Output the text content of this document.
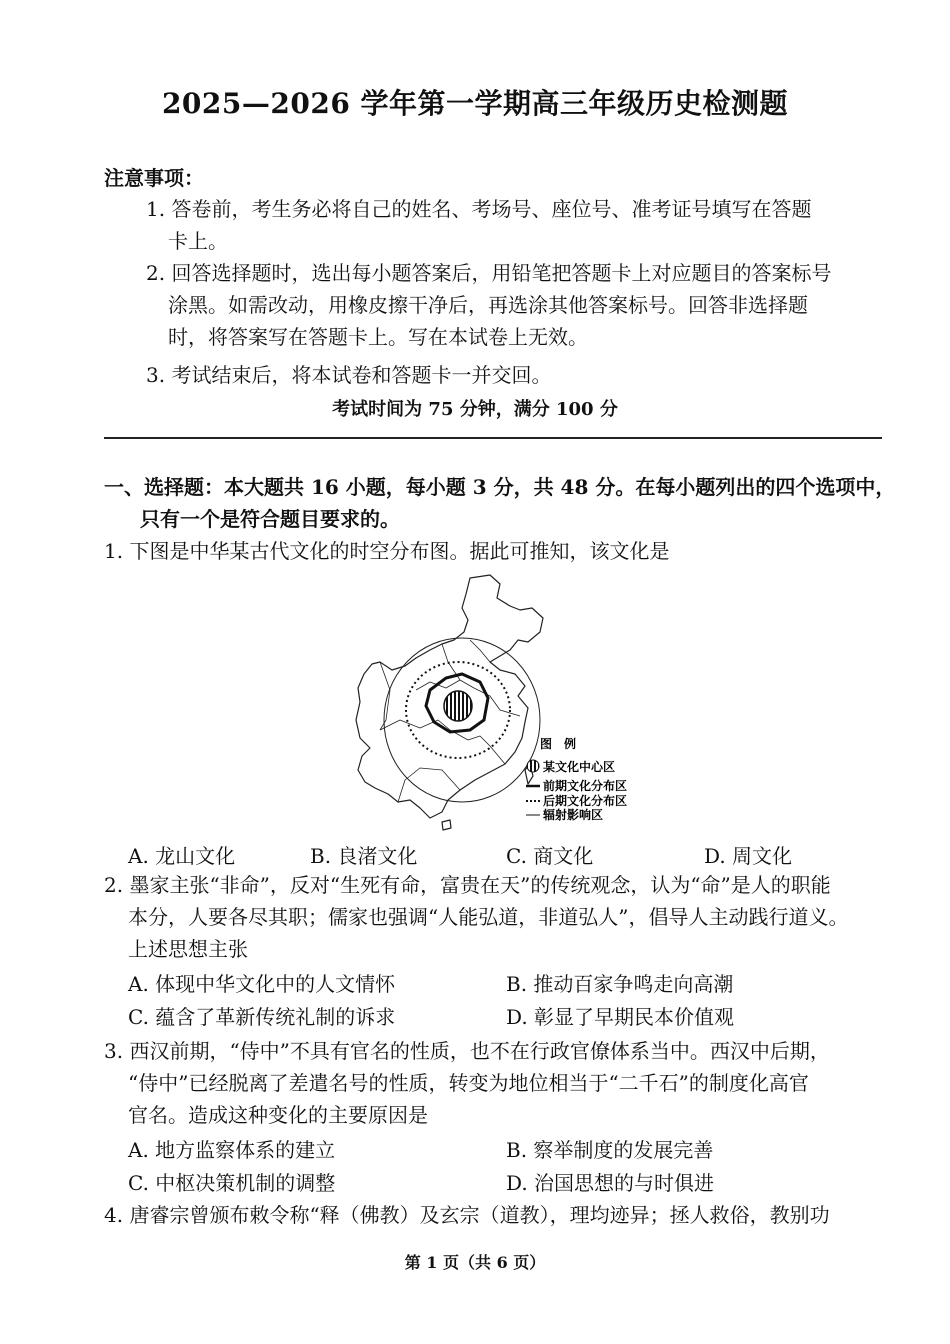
2025—2026 学年第一学期高三年级历史检测题
注意事项：
1. 答卷前，考生务必将自己的姓名、考场号、座位号、准考证号填写在答题
卡上。
2. 回答选择题时，选出每小题答案后，用铅笔把答题卡上对应题目的答案标号
涂黑。如需改动，用橡皮擦干净后，再选涂其他答案标号。回答非选择题
时，将答案写在答题卡上。写在本试卷上无效。
3. 考试结束后，将本试卷和答题卡一并交回。
考试时间为 75 分钟，满分 100 分
一、选择题：本大题共 16 小题，每小题 3 分，共 48 分。在每小题列出的四个选项中，
只有一个是符合题目要求的。
1. 下图是中华某古代文化的时空分布图。据此可推知，该文化是
图　例
某文化中心区
前期文化分布区
后期文化分布区
辐射影响区
A. 龙山文化	B. 良渚文化	C. 商文化	D. 周文化
2. 墨家主张“非命”，反对“生死有命，富贵在天”的传统观念，认为“命”是人的职能
本分，人要各尽其职；儒家也强调“人能弘道，非道弘人”，倡导人主动践行道义。
上述思想主张
A. 体现中华文化中的人文情怀	B. 推动百家争鸣走向高潮
C. 蕴含了革新传统礼制的诉求	D. 彰显了早期民本价值观
3. 西汉前期，“侍中”不具有官名的性质，也不在行政官僚体系当中。西汉中后期，
“侍中”已经脱离了差遣名号的性质，转变为地位相当于“二千石”的制度化高官
官名。造成这种变化的主要原因是
A. 地方监察体系的建立	B. 察举制度的发展完善
C. 中枢决策机制的调整	D. 治国思想的与时俱进
4. 唐睿宗曾颁布敕令称“释（佛教）及玄宗（道教），理均迹异；拯人救俗，教别功
第 1 页（共 6 页）
